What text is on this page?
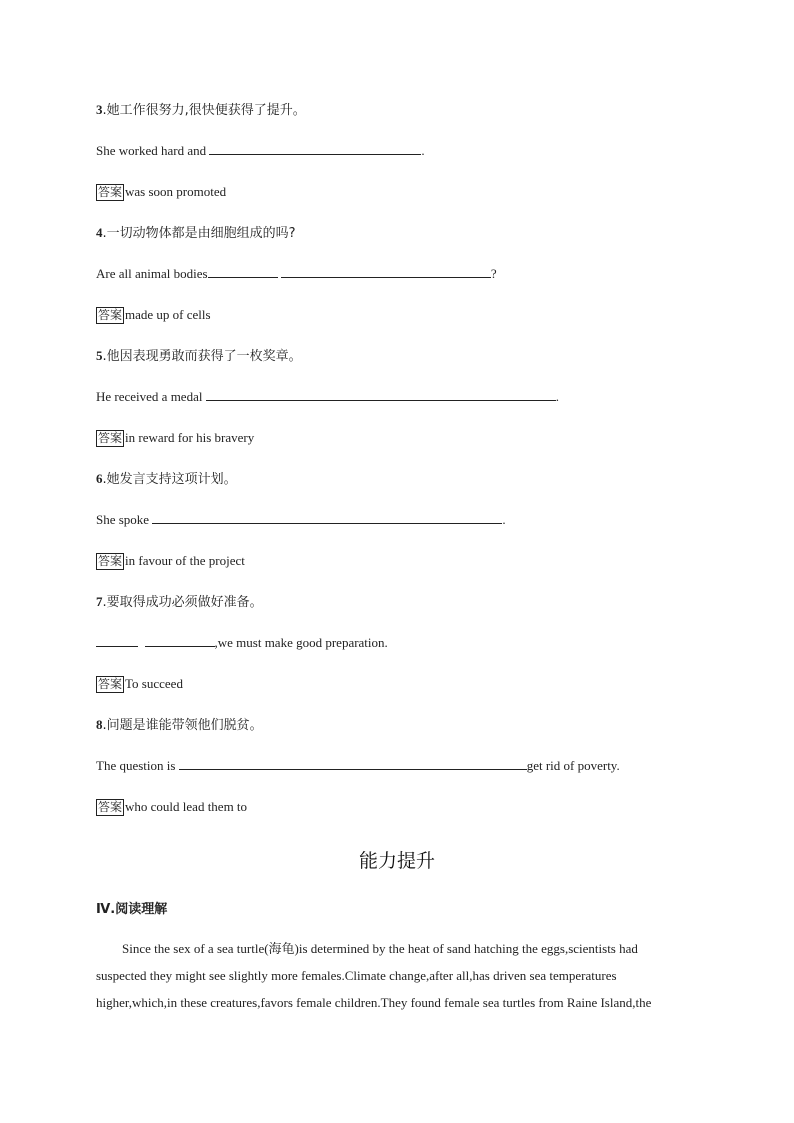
3.她工作很努力,很快便获得了提升。
She worked hard and	.
答案 was soon promoted
4.一切动物体都是由细胞组成的吗?
Are all animal bodies	?
答案 made up of cells
5.他因表现勇敢而获得了一枚奖章。
He received a medal	.
答案 in reward for his bravery
6.她发言支持这项计划。
She spoke	.
答案 in favour of the project
7.要取得成功必须做好准备。
,we must make good preparation.
答案 To succeed
8.问题是谁能带领他们脱贫。
The question is	get rid of poverty.
答案 who could lead them to
能力提升
Ⅳ.阅读理解
Since the sex of a sea turtle(海龟)is determined by the heat of sand hatching the eggs,scientists had
suspected they might see slightly more females.Climate change,after all,has driven sea temperatures
higher,which,in these creatures,favors female children.They found female sea turtles from Raine Island,the
